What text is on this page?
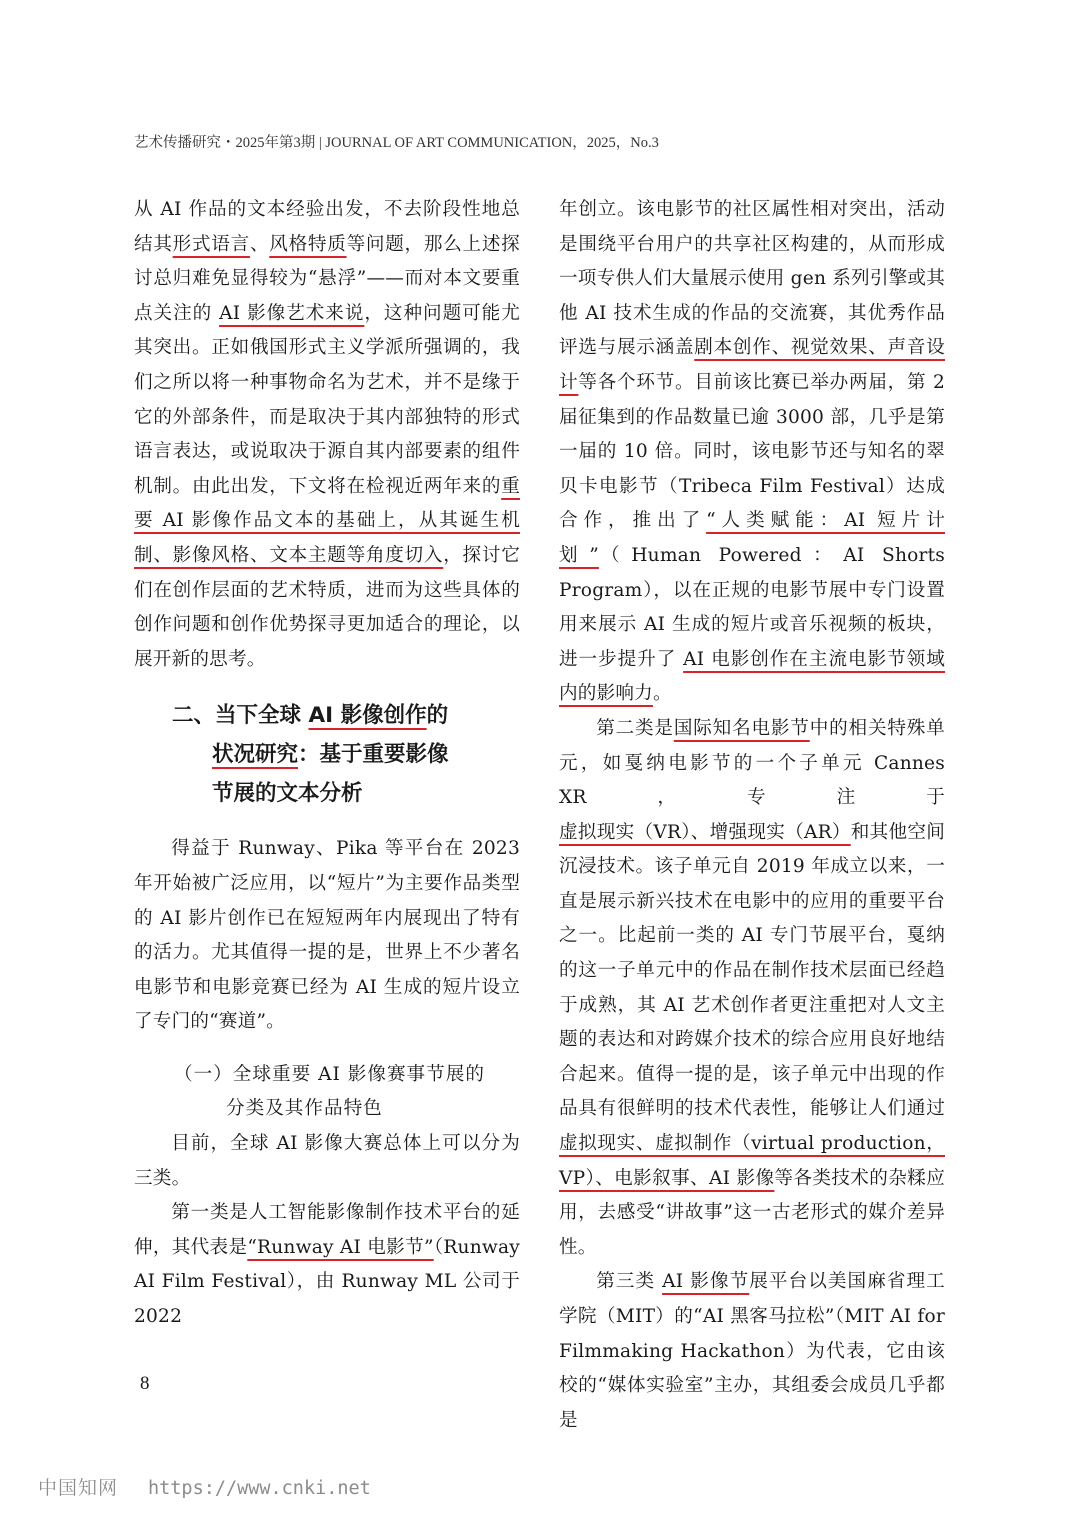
艺术传播研究・2025年第3期 | JOURNAL OF ART COMMUNICATION，2025，No.3

从 AI 作品的文本经验出发，不去阶段性地总结其形式语言、风格特质等问题，那么上述探讨总归难免显得较为“悬浮”——而对本文要重点关注的 AI 影像艺术来说，这种问题可能尤其突出。正如俄国形式主义学派所强调的，我们之所以将一种事物命名为艺术，并不是缘于它的外部条件，而是取决于其内部独特的形式语言表达，或说取决于源自其内部要素的组件机制。由此出发，下文将在检视近两年来的重要 AI 影像作品文本的基础上，从其诞生机制、影像风格、文本主题等角度切入，探讨它们在创作层面的艺术特质，进而为这些具体的创作问题和创作优势探寻更加适合的理论，以展开新的思考。

二、当下全球 AI 影像创作的
状况研究：基于重要影像
节展的文本分析

得益于 Runway、Pika 等平台在 2023 年开始被广泛应用，以“短片”为主要作品类型的 AI 影片创作已在短短两年内展现出了特有的活力。尤其值得一提的是，世界上不少著名电影节和电影竞赛已经为 AI 生成的短片设立了专门的“赛道”。

（一）全球重要 AI 影像赛事节展的
分类及其作品特色

目前，全球 AI 影像大赛总体上可以分为三类。

第一类是人工智能影像制作技术平台的延伸，其代表是“Runway AI 电影节”（Runway AI Film Festival），由 Runway ML 公司于 2022

年创立。该电影节的社区属性相对突出，活动是围绕平台用户的共享社区构建的，从而形成一项专供人们大量展示使用 gen 系列引擎或其他 AI 技术生成的作品的交流赛，其优秀作品评选与展示涵盖剧本创作、视觉效果、声音设计等各个环节。目前该比赛已举办两届，第 2 届征集到的作品数量已逾 3000 部，几乎是第一届的 10 倍。同时，该电影节还与知名的翠贝卡电影节（Tribeca Film Festival）达成合作，推出了“人类赋能：AI 短片计划”（Human Powered：AI Shorts Program），以在正规的电影节展中专门设置用来展示 AI 生成的短片或音乐视频的板块，进一步提升了 AI 电影创作在主流电影节领域内的影响力。

第二类是国际知名电影节中的相关特殊单元，如戛纳电影节的一个子单元 Cannes XR，专注于虚拟现实（VR）、增强现实（AR）和其他空间沉浸技术。该子单元自 2019 年成立以来，一直是展示新兴技术在电影中的应用的重要平台之一。比起前一类的 AI 专门节展平台，戛纳的这一子单元中的作品在制作技术层面已经趋于成熟，其 AI 艺术创作者更注重把对人文主题的表达和对跨媒介技术的综合应用良好地结合起来。值得一提的是，该子单元中出现的作品具有很鲜明的技术代表性，能够让人们通过虚拟现实、虚拟制作（virtual production，VP）、电影叙事、AI 影像等各类技术的杂糅应用，去感受“讲故事”这一古老形式的媒介差异性。

第三类 AI 影像节展平台以美国麻省理工学院（MIT）的“AI 黑客马拉松”（MIT AI for Filmmaking Hackathon）为代表，它由该校的“媒体实验室”主办，其组委会成员几乎都是

8
中国知网 https://www.cnki.net
